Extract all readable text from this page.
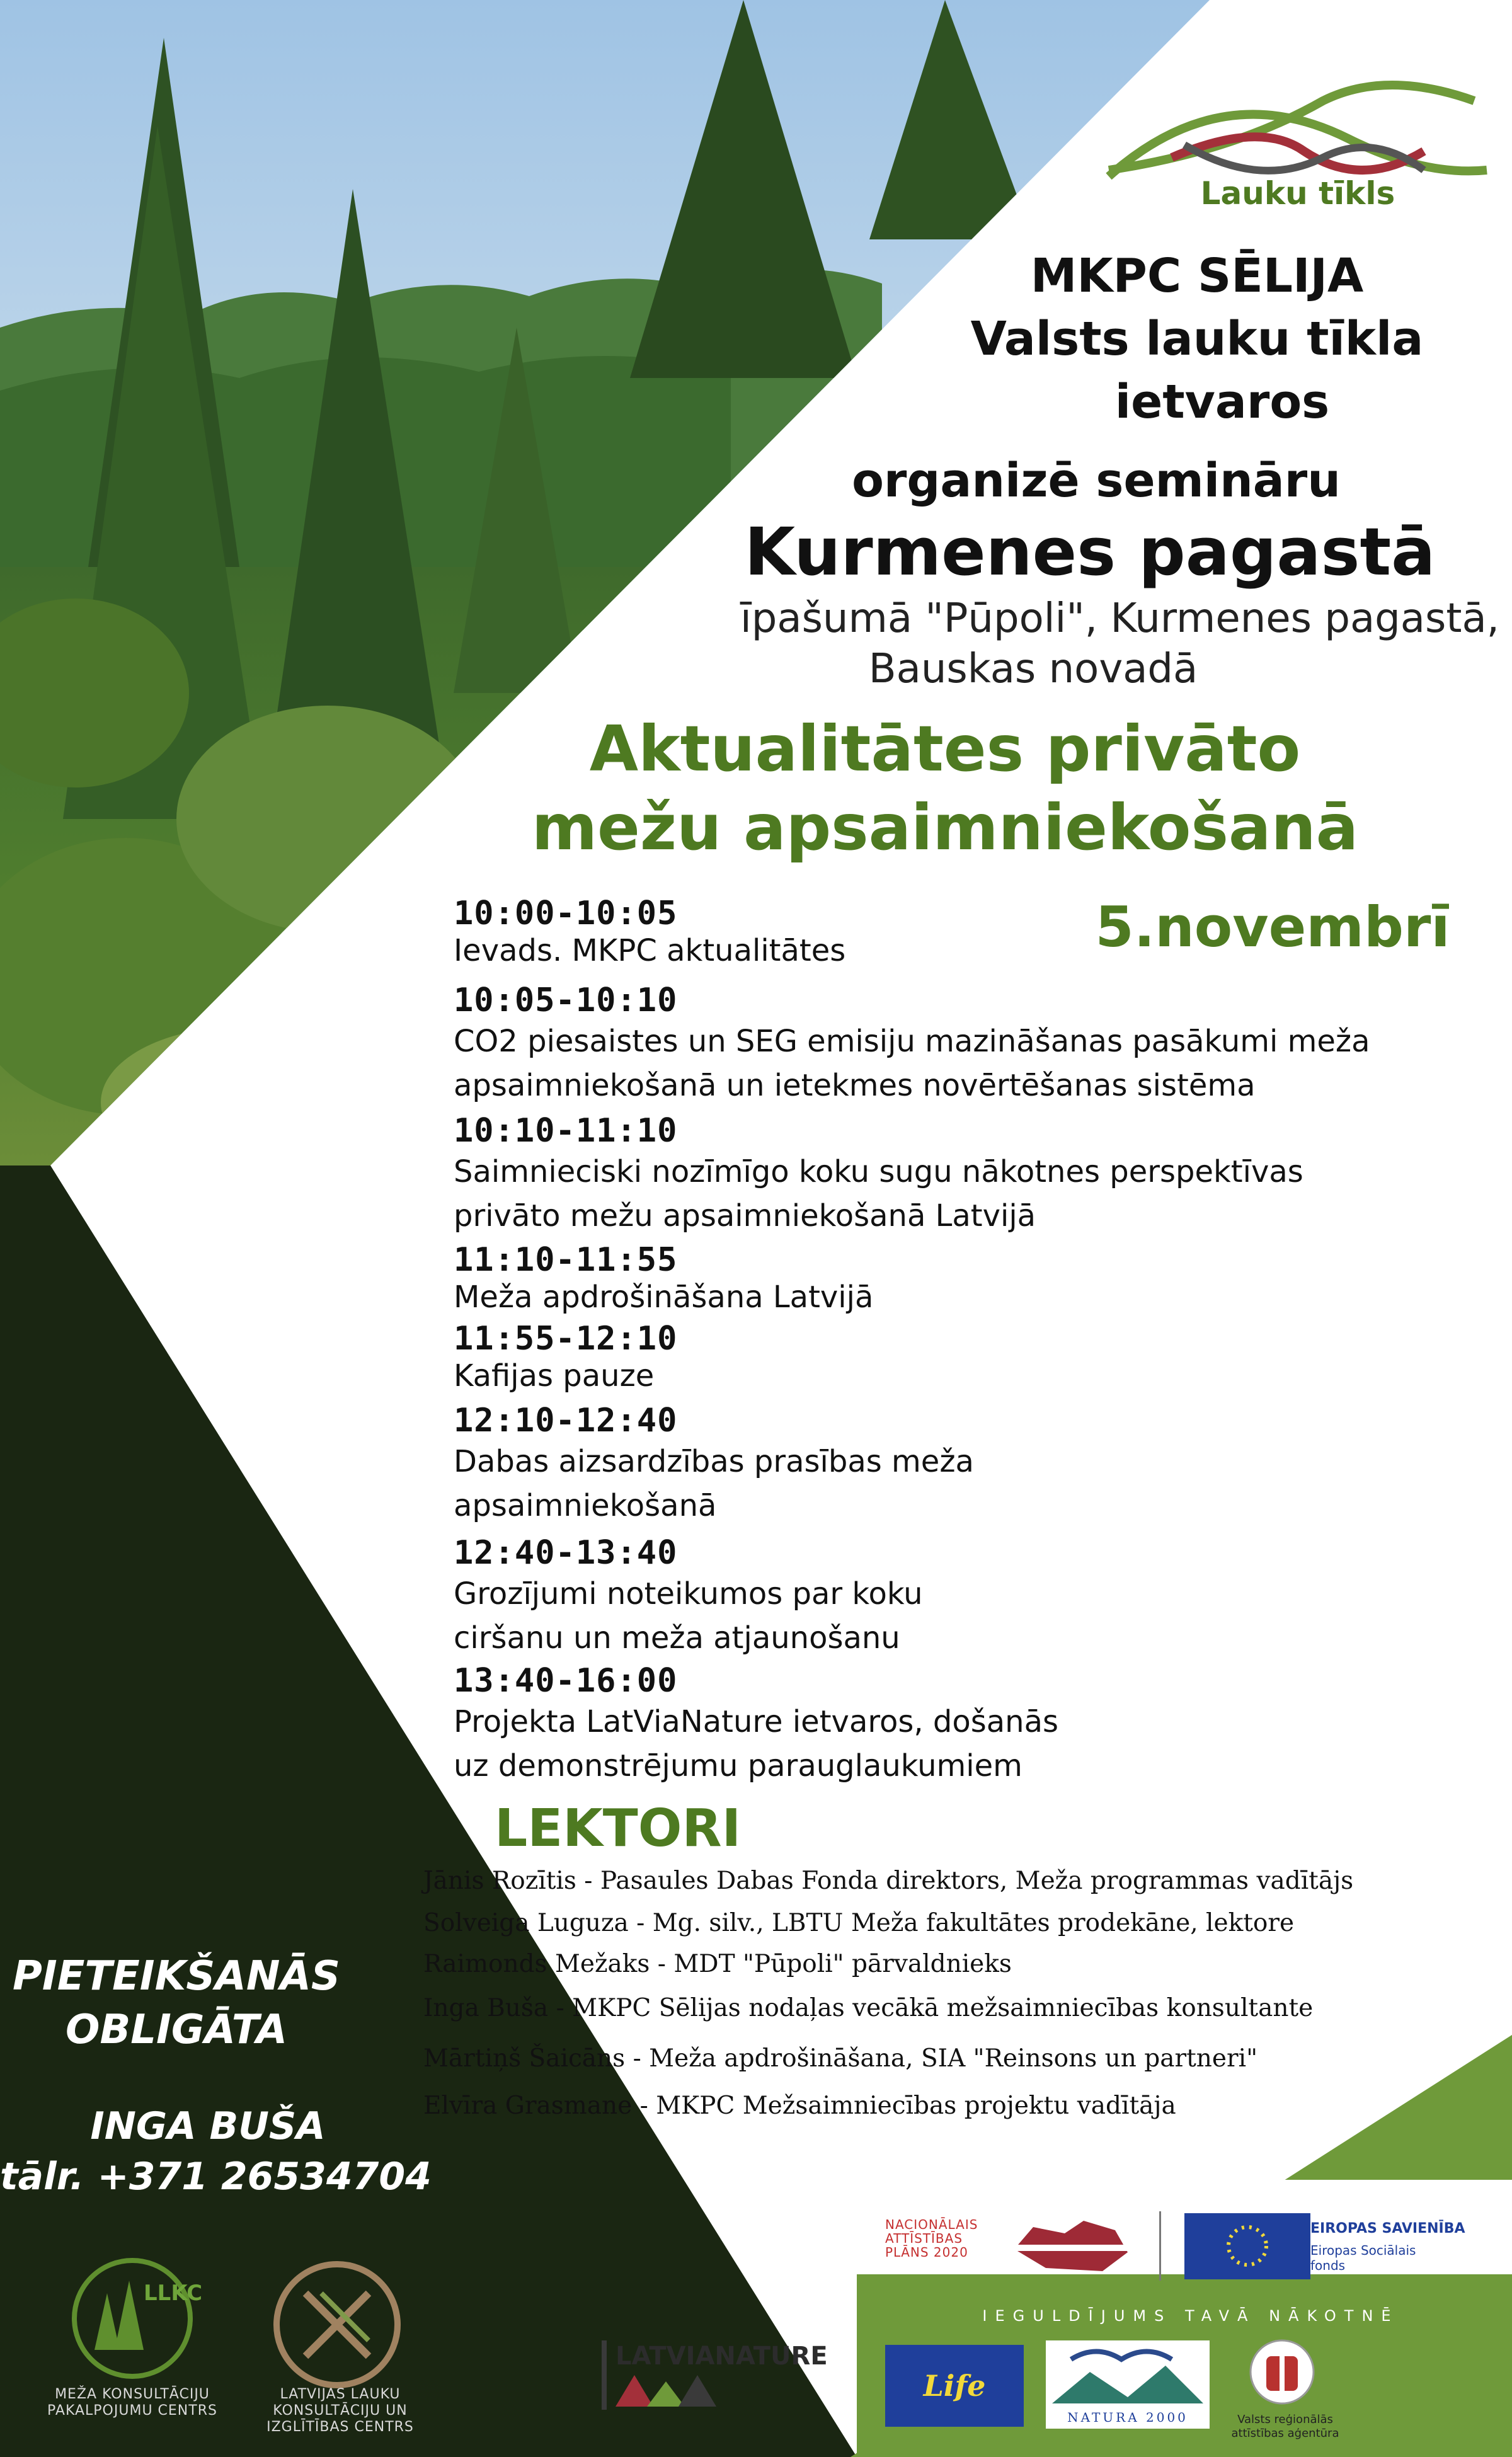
Lauku tīkls
MKPC SĒLIJA
Valsts lauku tīkla
ietvaros
organizē semināru
Kurmenes pagastā
īpašumā "Pūpoli", Kurmenes pagastā,
Bauskas novadā
Aktualitātes privāto
mežu apsaimniekošanā
5.novembrī
10:00-10:05
Ievads. MKPC aktualitātes
10:05-10:10
CO2 piesaistes un SEG emisiju mazināšanas pasākumi meža
apsaimniekošanā un ietekmes novērtēšanas sistēma
10:10-11:10
Saimnieciski nozīmīgo koku sugu nākotnes perspektīvas
privāto mežu apsaimniekošanā Latvijā
11:10-11:55
Meža apdrošināšana Latvijā
11:55-12:10
Kafijas pauze
12:10-12:40
Dabas aizsardzības prasības meža
apsaimniekošanā
12:40-13:40
Grozījumi noteikumos par koku
ciršanu un meža atjaunošanu
13:40-16:00
Projekta LatViaNature ietvaros, došanās
uz demonstrējumu parauglaukumiem
LEKTORI
Jānis Rozītis - Pasaules Dabas Fonda direktors, Meža programmas vadītājs
Solveiga Luguza - Mg. silv., LBTU Meža fakultātes prodekāne, lektore
Raimonds Mežaks - MDT "Pūpoli" pārvaldnieks
Inga Buša - MKPC Sēlijas nodaļas vecākā mežsaimniecības konsultante
Mārtiņš Šaicāns - Meža apdrošināšana, SIA "Reinsons un partneri"
Elvīra Grasmane - MKPC Mežsaimniecības projektu vadītāja
PIETEIKŠANĀS
OBLIGĀTA
INGA BUŠA
tālr. +371 26534704
LLKC
MEŽA KONSULTĀCIJU
PAKALPOJUMU CENTRS
LATVIJAS LAUKU
KONSULTĀCIJU UN
IZGLĪTĪBAS CENTRS
NACIONĀLAIS
ATTĪSTĪBAS
PLĀNS 2020
EIROPAS SAVIENĪBA
Eiropas Sociālais
fonds
IEGULDĪJUMS TAVĀ NĀKOTNĒ
LATVIANATURE
Life
NATURA 2000	Valsts reģionālās
attīstības aģentūra
